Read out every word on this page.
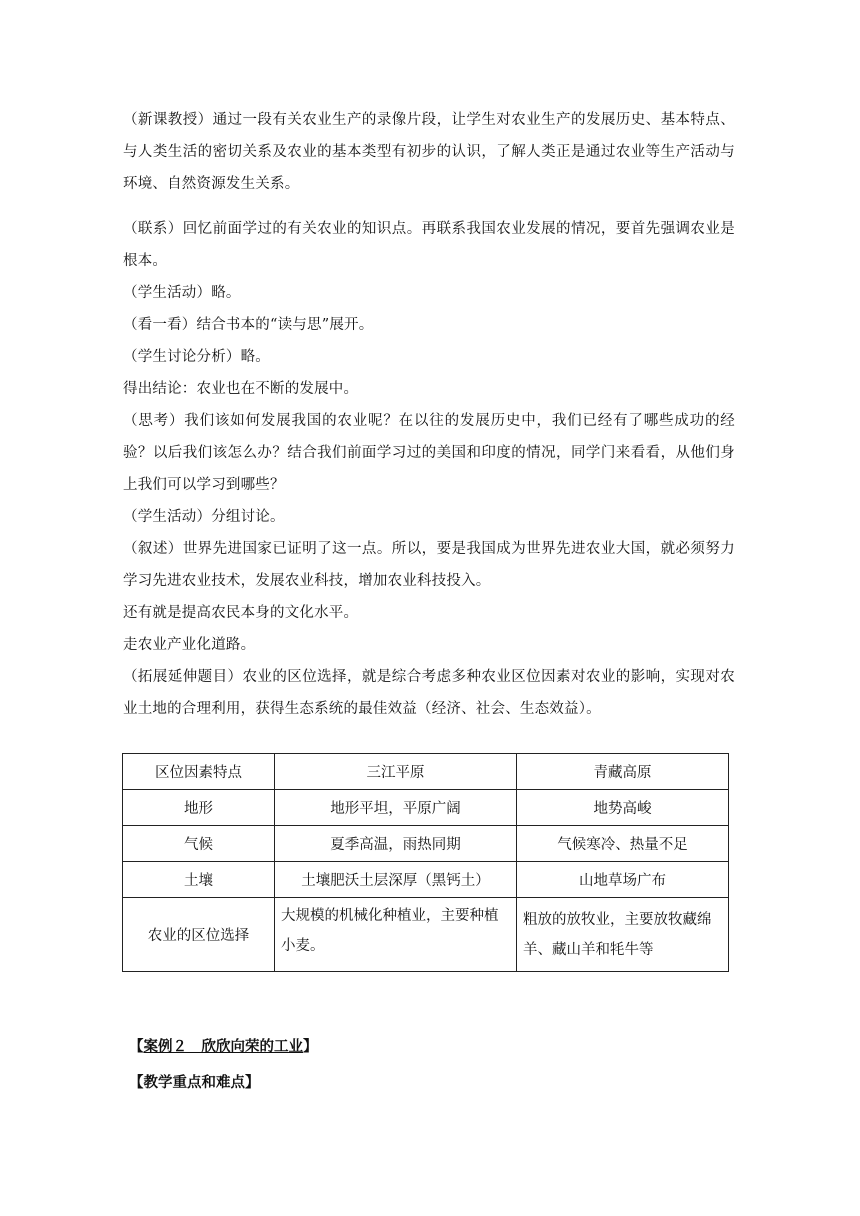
（新课教授）通过一段有关农业生产的录像片段，让学生对农业生产的发展历史、基本特点、与人类生活的密切关系及农业的基本类型有初步的认识，了解人类正是通过农业等生产活动与环境、自然资源发生关系。

（联系）回忆前面学过的有关农业的知识点。再联系我国农业发展的情况，要首先强调农业是根本。

（学生活动）略。

（看一看）结合书本的“读与思”展开。

（学生讨论分析）略。

得出结论：农业也在不断的发展中。

（思考）我们该如何发展我国的农业呢？在以往的发展历史中，我们已经有了哪些成功的经验？以后我们该怎么办？结合我们前面学习过的美国和印度的情况，同学门来看看，从他们身上我们可以学习到哪些？

（学生活动）分组讨论。

（叙述）世界先进国家已证明了这一点。所以，要是我国成为世界先进农业大国，就必须努力学习先进农业技术，发展农业科技，增加农业科技投入。

还有就是提高农民本身的文化水平。

走农业产业化道路。

（拓展延伸题目）农业的区位选择，就是综合考虑多种农业区位因素对农业的影响，实现对农业土地的合理利用，获得生态系统的最佳效益（经济、社会、生态效益）。

区位因素特点	三江平原	青藏高原
地形	地形平坦，平原广阔	地势高峻
气候	夏季高温，雨热同期	气候寒冷、热量不足
土壤	土壤肥沃土层深厚（黑钙土）	山地草场广布
农业的区位选择	大规模的机械化种植业，主要种植小麦。	粗放的放牧业，主要放牧藏绵羊、藏山羊和牦牛等
【案例２　欣欣向荣的工业】
【教学重点和难点】
